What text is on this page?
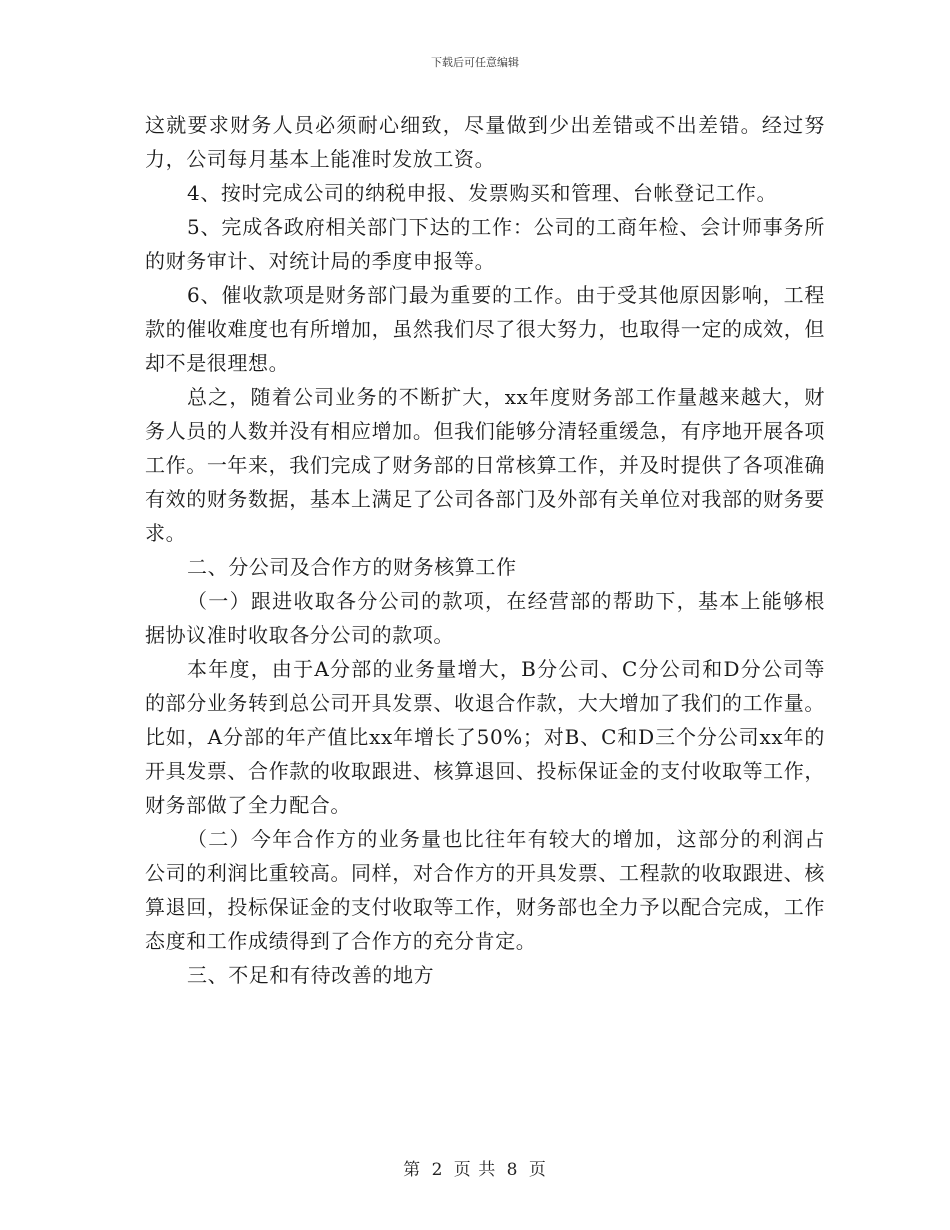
下载后可任意编辑

这就要求财务人员必须耐心细致，尽量做到少出差错或不出差错。经过努力，公司每月基本上能准时发放工资。

4、按时完成公司的纳税申报、发票购买和管理、台帐登记工作。

5、完成各政府相关部门下达的工作：公司的工商年检、会计师事务所的财务审计、对统计局的季度申报等。

6、催收款项是财务部门最为重要的工作。由于受其他原因影响，工程款的催收难度也有所增加，虽然我们尽了很大努力，也取得一定的成效，但却不是很理想。

总之，随着公司业务的不断扩大，xx年度财务部工作量越来越大，财务人员的人数并没有相应增加。但我们能够分清轻重缓急，有序地开展各项工作。一年来，我们完成了财务部的日常核算工作，并及时提供了各项准确有效的财务数据，基本上满足了公司各部门及外部有关单位对我部的财务要求。

二、分公司及合作方的财务核算工作

（一）跟进收取各分公司的款项，在经营部的帮助下，基本上能够根据协议准时收取各分公司的款项。

本年度，由于A分部的业务量增大，B分公司、C分公司和D分公司等的部分业务转到总公司开具发票、收退合作款，大大增加了我们的工作量。比如，A分部的年产值比xx年增长了50%；对B、C和D三个分公司xx年的开具发票、合作款的收取跟进、核算退回、投标保证金的支付收取等工作，财务部做了全力配合。

（二）今年合作方的业务量也比往年有较大的增加，这部分的利润占公司的利润比重较高。同样，对合作方的开具发票、工程款的收取跟进、核算退回，投标保证金的支付收取等工作，财务部也全力予以配合完成，工作态度和工作成绩得到了合作方的充分肯定。

三、不足和有待改善的地方

第 2 页 共 8 页
